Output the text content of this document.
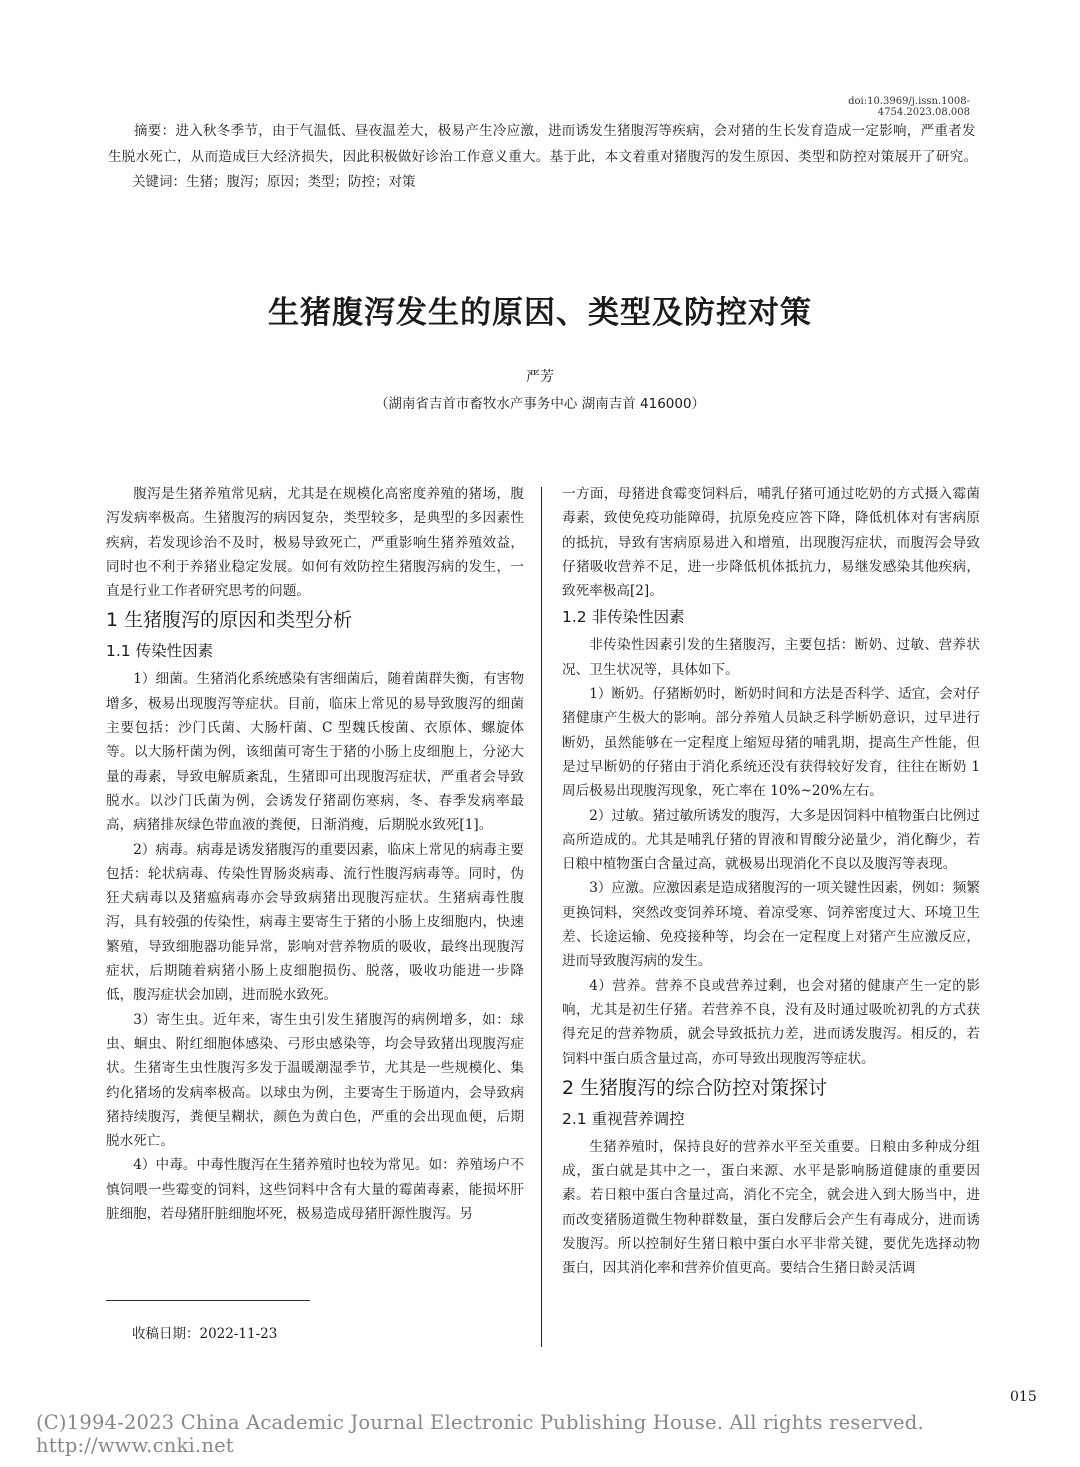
doi:10.3969/j.issn.1008-4754.2023.08.008
摘要：进入秋冬季节，由于气温低、昼夜温差大，极易产生冷应激，进而诱发生猪腹泻等疾病，会对猪的生长发育造成一定影响，严重者发生脱水死亡，从而造成巨大经济损失，因此积极做好诊治工作意义重大。基于此，本文着重对猪腹泻的发生原因、类型和防控对策展开了研究。
关键词：生猪；腹泻；原因；类型；防控；对策
生猪腹泻发生的原因、类型及防控对策
严芳
（湖南省吉首市畜牧水产事务中心 湖南吉首 416000）

腹泻是生猪养殖常见病，尤其是在规模化高密度养殖的猪场，腹泻发病率极高。生猪腹泻的病因复杂，类型较多，是典型的多因素性疾病，若发现诊治不及时，极易导致死亡，严重影响生猪养殖效益，同时也不利于养猪业稳定发展。如何有效防控生猪腹泻病的发生，一直是行业工作者研究思考的问题。

1 生猪腹泻的原因和类型分析
1.1 传染性因素

1）细菌。生猪消化系统感染有害细菌后，随着菌群失衡，有害物增多，极易出现腹泻等症状。目前，临床上常见的易导致腹泻的细菌主要包括：沙门氏菌、大肠杆菌、C 型魏氏梭菌、衣原体、螺旋体等。以大肠杆菌为例，该细菌可寄生于猪的小肠上皮细胞上，分泌大量的毒素，导致电解质紊乱，生猪即可出现腹泻症状，严重者会导致脱水。以沙门氏菌为例，会诱发仔猪副伤寒病，冬、春季发病率最高，病猪排灰绿色带血液的粪便，日渐消瘦，后期脱水致死[1]。

2）病毒。病毒是诱发猪腹泻的重要因素，临床上常见的病毒主要包括：轮状病毒、传染性胃肠炎病毒、流行性腹泻病毒等。同时，伪狂犬病毒以及猪瘟病毒亦会导致病猪出现腹泻症状。生猪病毒性腹泻，具有较强的传染性，病毒主要寄生于猪的小肠上皮细胞内，快速繁殖，导致细胞器功能异常，影响对营养物质的吸收，最终出现腹泻症状，后期随着病猪小肠上皮细胞损伤、脱落，吸收功能进一步降低，腹泻症状会加剧，进而脱水致死。

3）寄生虫。近年来，寄生虫引发生猪腹泻的病例增多，如：球虫、蛔虫、附红细胞体感染、弓形虫感染等，均会导致猪出现腹泻症状。生猪寄生虫性腹泻多发于温暖潮湿季节，尤其是一些规模化、集约化猪场的发病率极高。以球虫为例，主要寄生于肠道内，会导致病猪持续腹泻，粪便呈糊状，颜色为黄白色，严重的会出现血便，后期脱水死亡。

4）中毒。中毒性腹泻在生猪养殖时也较为常见。如：养殖场户不慎饲喂一些霉变的饲料，这些饲料中含有大量的霉菌毒素，能损坏肝脏细胞，若母猪肝脏细胞坏死，极易造成母猪肝源性腹泻。另

一方面，母猪进食霉变饲料后，哺乳仔猪可通过吃奶的方式摄入霉菌毒素，致使免疫功能障碍，抗原免疫应答下降，降低机体对有害病原的抵抗，导致有害病原易进入和增殖，出现腹泻症状，而腹泻会导致仔猪吸收营养不足，进一步降低机体抵抗力，易继发感染其他疾病，致死率极高[2]。

1.2 非传染性因素

非传染性因素引发的生猪腹泻，主要包括：断奶、过敏、营养状况、卫生状况等，具体如下。

1）断奶。仔猪断奶时，断奶时间和方法是否科学、适宜，会对仔猪健康产生极大的影响。部分养殖人员缺乏科学断奶意识，过早进行断奶，虽然能够在一定程度上缩短母猪的哺乳期，提高生产性能，但是过早断奶的仔猪由于消化系统还没有获得较好发育，往往在断奶 1 周后极易出现腹泻现象，死亡率在 10%~20%左右。

2）过敏。猪过敏所诱发的腹泻，大多是因饲料中植物蛋白比例过高所造成的。尤其是哺乳仔猪的胃液和胃酸分泌量少，消化酶少，若日粮中植物蛋白含量过高，就极易出现消化不良以及腹泻等表现。

3）应激。应激因素是造成猪腹泻的一项关键性因素，例如：频繁更换饲料，突然改变饲养环境、着凉受寒、饲养密度过大、环境卫生差、长途运输、免疫接种等，均会在一定程度上对猪产生应激反应，进而导致腹泻病的发生。

4）营养。营养不良或营养过剩，也会对猪的健康产生一定的影响，尤其是初生仔猪。若营养不良，没有及时通过吸吮初乳的方式获得充足的营养物质，就会导致抵抗力差，进而诱发腹泻。相反的，若饲料中蛋白质含量过高，亦可导致出现腹泻等症状。

2 生猪腹泻的综合防控对策探讨
2.1 重视营养调控

生猪养殖时，保持良好的营养水平至关重要。日粮由多种成分组成，蛋白就是其中之一，蛋白来源、水平是影响肠道健康的重要因素。若日粮中蛋白含量过高，消化不完全，就会进入到大肠当中，进而改变猪肠道微生物种群数量，蛋白发酵后会产生有毒成分，进而诱发腹泻。所以控制好生猪日粮中蛋白水平非常关键，要优先选择动物蛋白，因其消化率和营养价值更高。要结合生猪日龄灵活调

收稿日期：2022-11-23
015
(C)1994-2023 China Academic Journal Electronic Publishing House. All rights reserved. http://www.cnki.net
